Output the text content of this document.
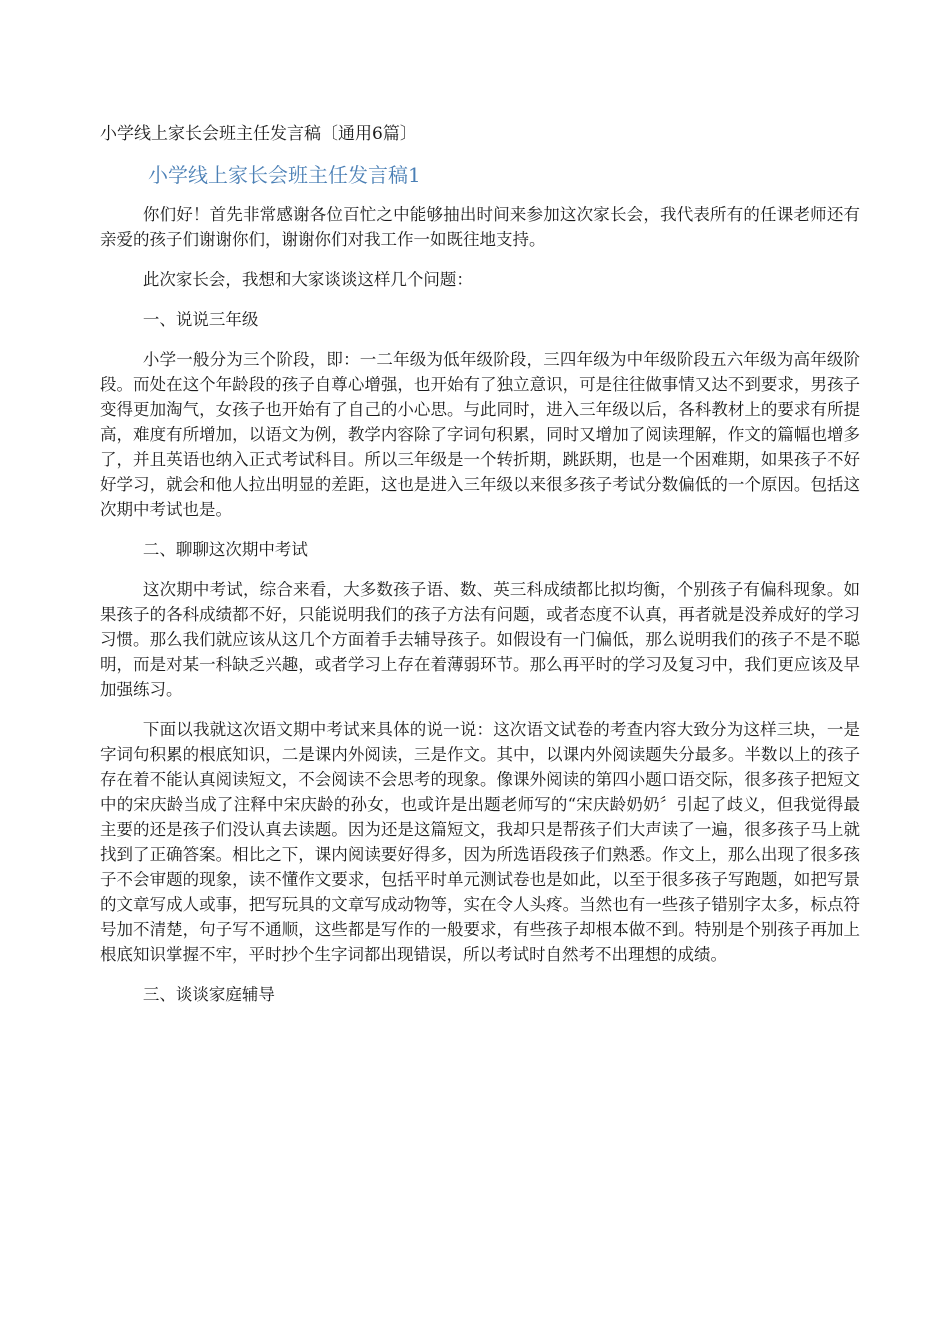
小学线上家长会班主任发言稿〔通用6篇〕
小学线上家长会班主任发言稿1

你们好！首先非常感谢各位百忙之中能够抽出时间来参加这次家长会，我代表所有的任课老师还有亲爱的孩子们谢谢你们，谢谢你们对我工作一如既往地支持。

此次家长会，我想和大家谈谈这样几个问题：

一、说说三年级

小学一般分为三个阶段，即：一二年级为低年级阶段，三四年级为中年级阶段五六年级为高年级阶段。而处在这个年龄段的孩子自尊心增强，也开始有了独立意识，可是往往做事情又达不到要求，男孩子变得更加淘气，女孩子也开始有了自己的小心思。与此同时，进入三年级以后，各科教材上的要求有所提高，难度有所增加，以语文为例，教学内容除了字词句积累，同时又增加了阅读理解，作文的篇幅也增多了，并且英语也纳入正式考试科目。所以三年级是一个转折期，跳跃期，也是一个困难期，如果孩子不好好学习，就会和他人拉出明显的差距，这也是进入三年级以来很多孩子考试分数偏低的一个原因。包括这次期中考试也是。

二、聊聊这次期中考试

这次期中考试，综合来看，大多数孩子语、数、英三科成绩都比拟均衡，个别孩子有偏科现象。如果孩子的各科成绩都不好，只能说明我们的孩子方法有问题，或者态度不认真，再者就是没养成好的学习习惯。那么我们就应该从这几个方面着手去辅导孩子。如假设有一门偏低，那么说明我们的孩子不是不聪明，而是对某一科缺乏兴趣，或者学习上存在着薄弱环节。那么再平时的学习及复习中，我们更应该及早加强练习。

下面以我就这次语文期中考试来具体的说一说：这次语文试卷的考查内容大致分为这样三块，一是字词句积累的根底知识，二是课内外阅读，三是作文。其中，以课内外阅读题失分最多。半数以上的孩子存在着不能认真阅读短文，不会阅读不会思考的现象。像课外阅读的第四小题口语交际，很多孩子把短文中的宋庆龄当成了注释中宋庆龄的孙女，也或许是出题老师写的“宋庆龄奶奶〞引起了歧义，但我觉得最主要的还是孩子们没认真去读题。因为还是这篇短文，我却只是帮孩子们大声读了一遍，很多孩子马上就找到了正确答案。相比之下，课内阅读要好得多，因为所选语段孩子们熟悉。作文上，那么出现了很多孩子不会审题的现象，读不懂作文要求，包括平时单元测试卷也是如此，以至于很多孩子写跑题，如把写景的文章写成人或事，把写玩具的文章写成动物等，实在令人头疼。当然也有一些孩子错别字太多，标点符号加不清楚，句子写不通顺，这些都是写作的一般要求，有些孩子却根本做不到。特别是个别孩子再加上根底知识掌握不牢，平时抄个生字词都出现错误，所以考试时自然考不出理想的成绩。

三、谈谈家庭辅导
